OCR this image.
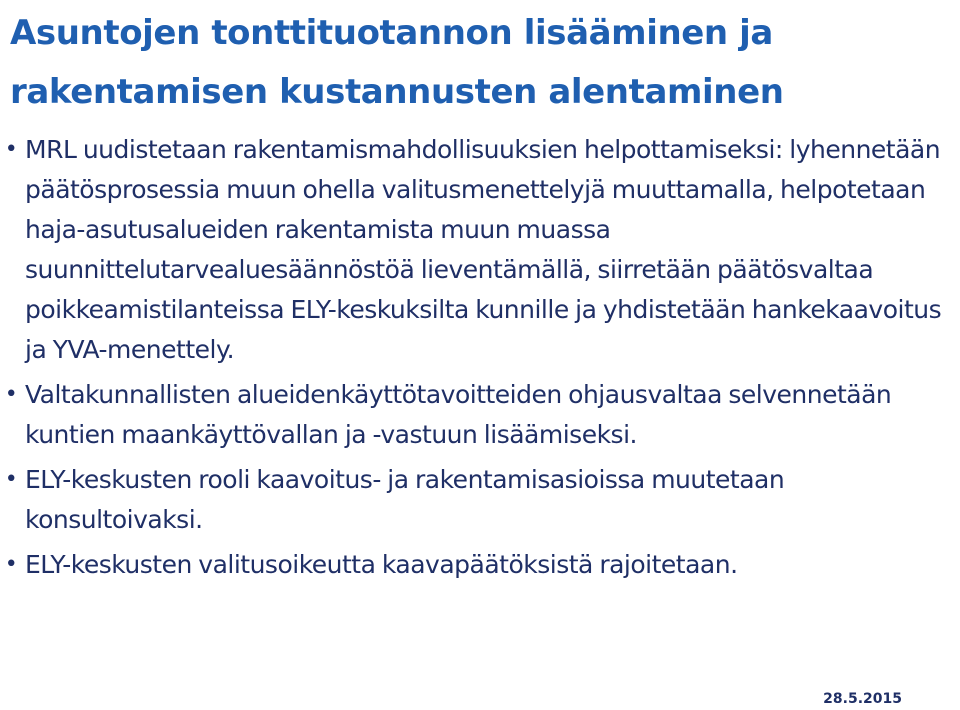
Asuntojen tonttituotannon lisääminen ja rakentamisen kustannusten alentaminen
• MRL uudistetaan rakentamismahdollisuuksien helpottamiseksi: lyhennetään päätösprosessia muun ohella valitusmenettelyjä muuttamalla, helpotetaan haja-asutusalueiden rakentamista muun muassa suunnittelutarvealuesäännöstöä lieventämällä, siirretään päätösvaltaa poikkeamistilanteissa ELY-keskuksilta kunnille ja yhdistetään hankekaavoitus ja YVA-menettely.
• Valtakunnallisten alueidenkäyttötavoitteiden ohjausvaltaa selvennetään kuntien maankäyttövallan ja -vastuun lisäämiseksi.
• ELY-keskusten rooli kaavoitus- ja rakentamisasioissa muutetaan konsultoivaksi.
• ELY-keskusten valitusoikeutta kaavapäätöksistä rajoitetaan.
28.5.2015
